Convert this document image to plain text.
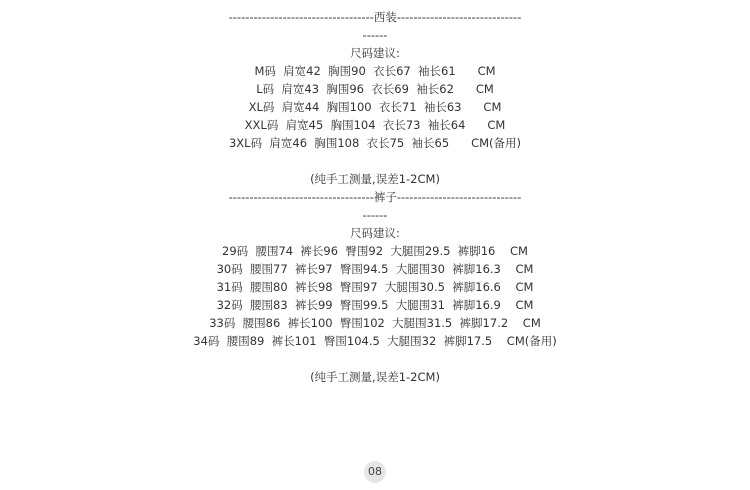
-----------------------------------西装------------------------------
------
尺码建议:
M码  肩宽42  胸围90  衣长67  袖长61      CM
L码  肩宽43  胸围96  衣长69  袖长62      CM
XL码  肩宽44  胸围100  衣长71  袖长63      CM
XXL码  肩宽45  胸围104  衣长73  袖长64      CM
3XL码  肩宽46  胸围108  衣长75  袖长65      CM(备用)
(纯手工测量,误差1-2CM)
-----------------------------------裤子------------------------------
------
尺码建议:
29码  腰围74  裤长96  臀围92  大腿围29.5  裤脚16    CM
30码  腰围77  裤长97  臀围94.5  大腿围30  裤脚16.3    CM
31码  腰围80  裤长98  臀围97  大腿围30.5  裤脚16.6    CM
32码  腰围83  裤长99  臀围99.5  大腿围31  裤脚16.9    CM
33码  腰围86  裤长100  臀围102  大腿围31.5  裤脚17.2    CM
34码  腰围89  裤长101  臀围104.5  大腿围32  裤脚17.5    CM(备用)
(纯手工测量,误差1-2CM)
08
